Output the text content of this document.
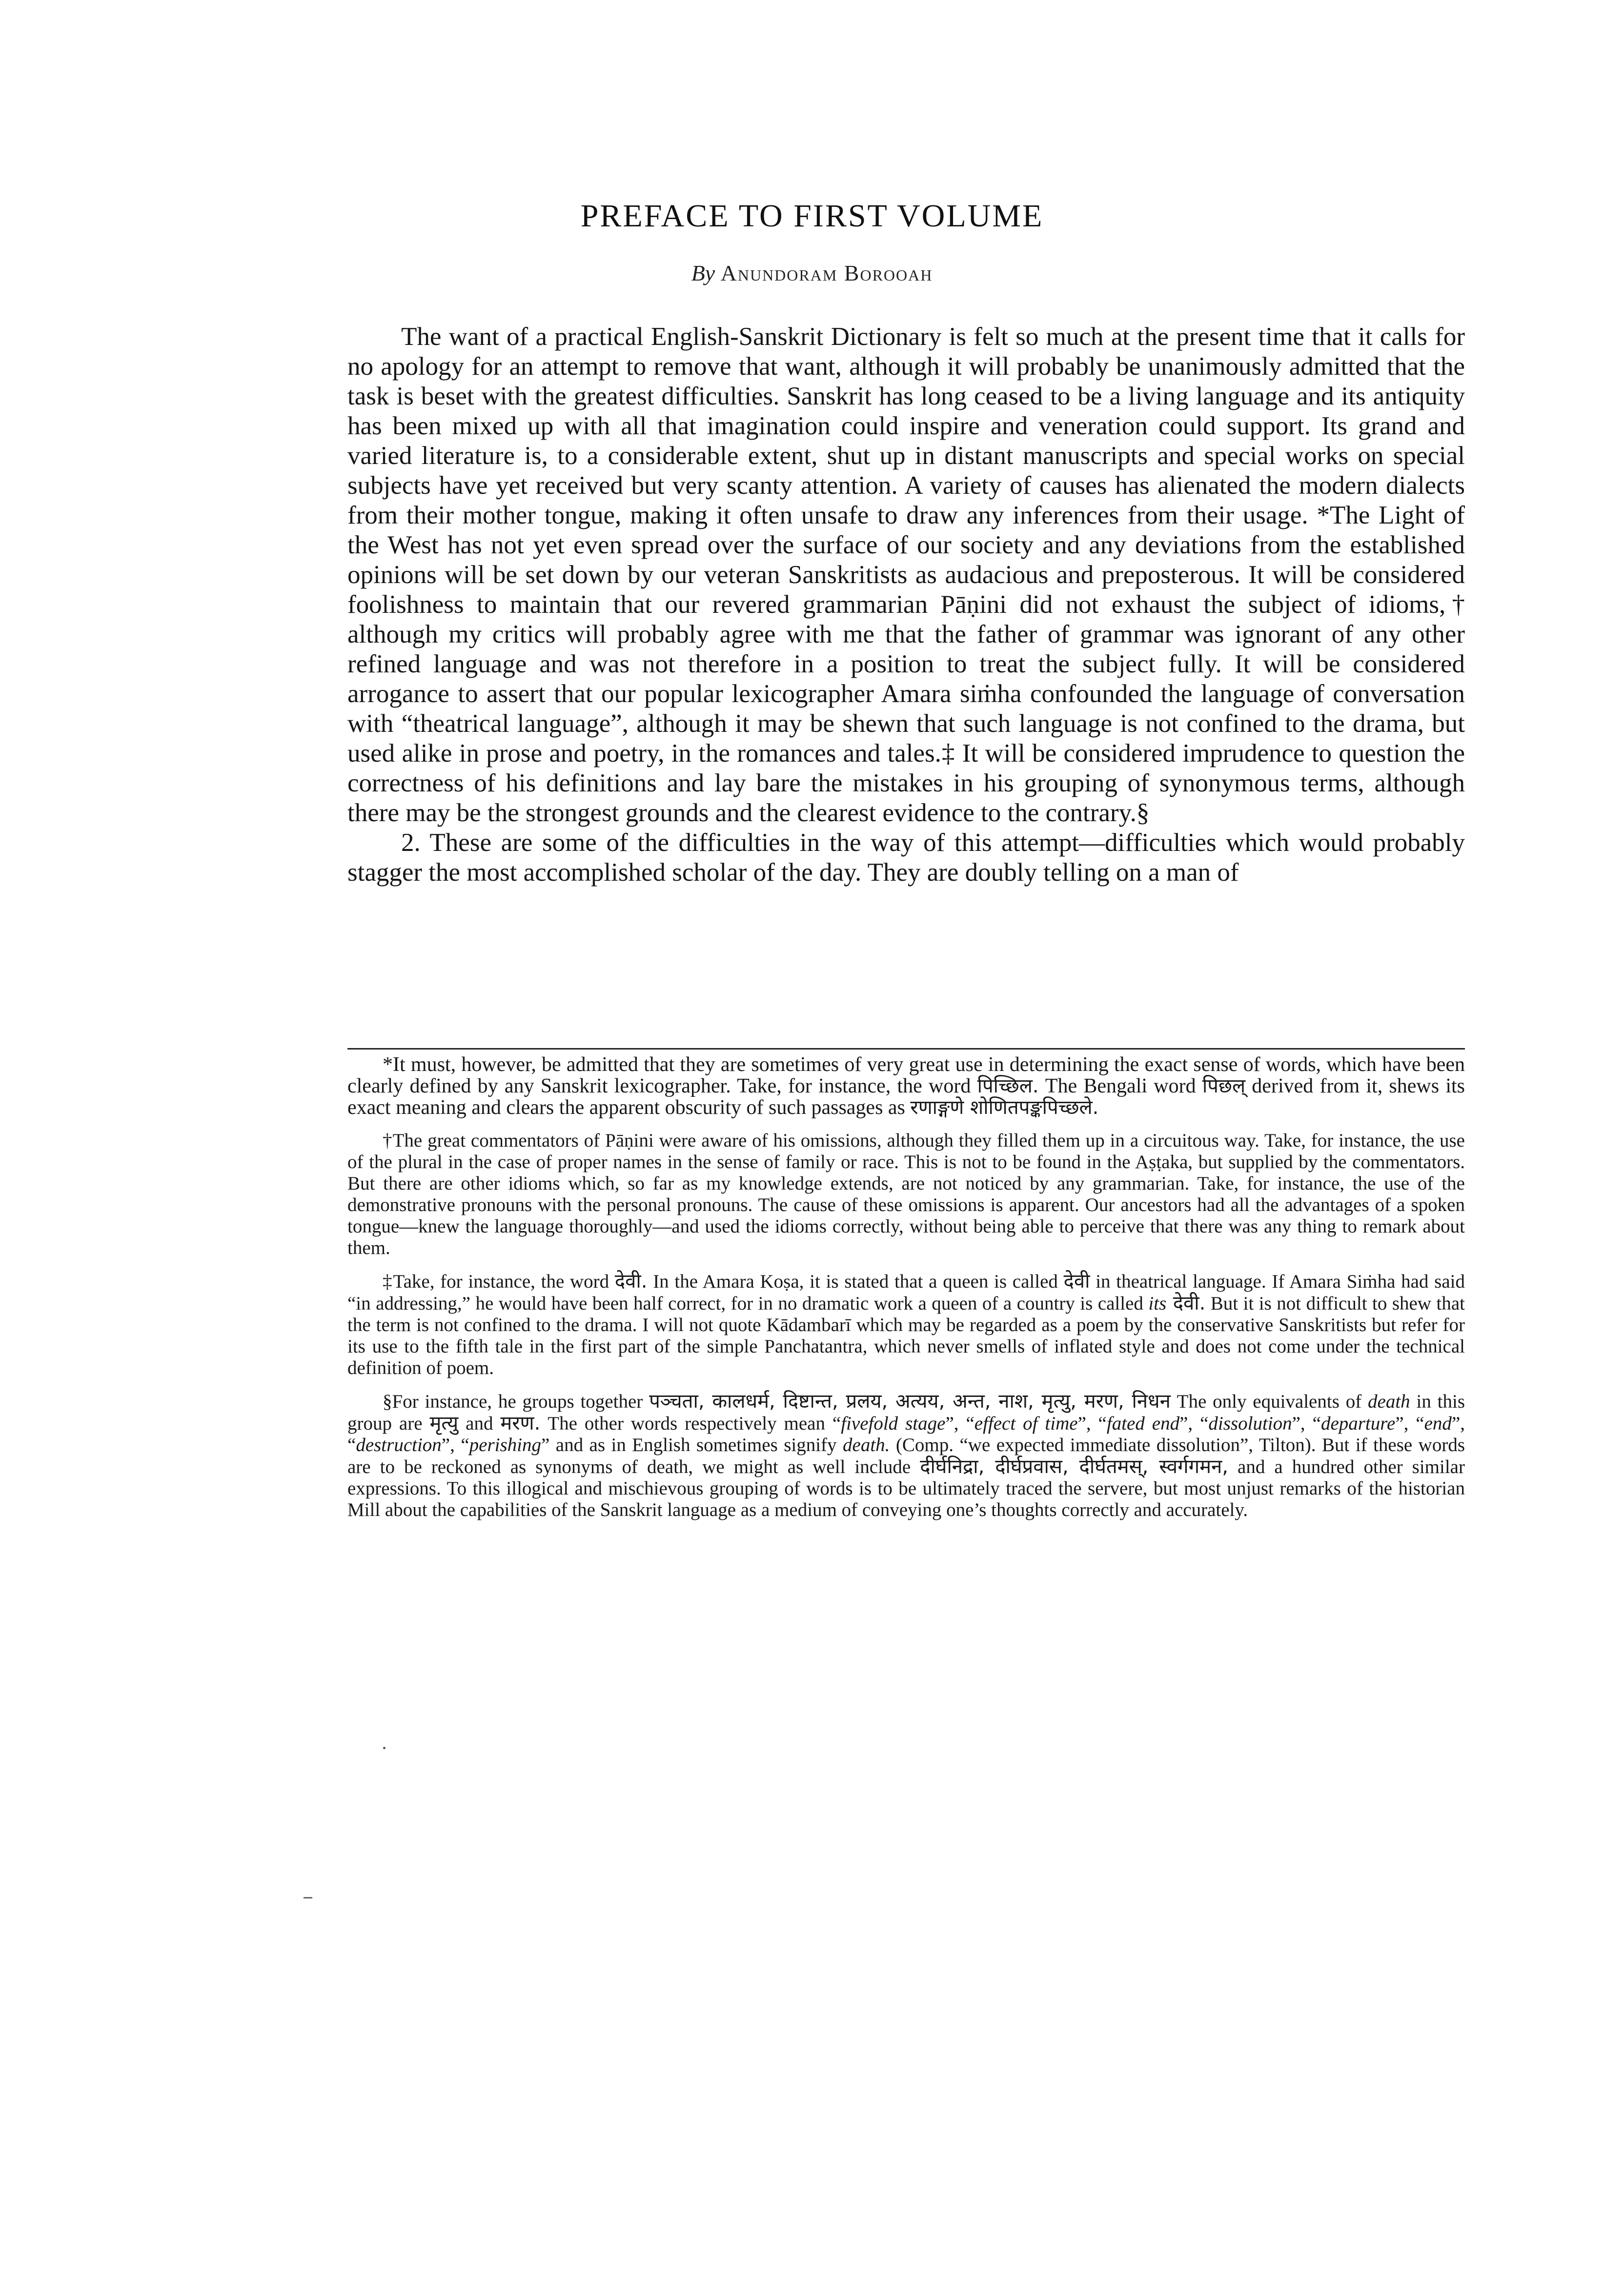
PREFACE TO FIRST VOLUME
By Anundoram Borooah

The want of a practical English-Sanskrit Dictionary is felt so much at the present time that it calls for no apology for an attempt to remove that want, although it will probably be unanimously admitted that the task is beset with the greatest difficulties. Sanskrit has long ceased to be a living language and its antiquity has been mixed up with all that imagination could inspire and veneration could support. Its grand and varied literature is, to a considerable extent, shut up in distant manuscripts and special works on special subjects have yet received but very scanty attention. A variety of causes has alienated the modern dialects from their mother tongue, making it often unsafe to draw any inferences from their usage. *The Light of the West has not yet even spread over the surface of our society and any deviations from the established opinions will be set down by our veteran Sanskritists as audacious and preposterous. It will be considered foolishness to maintain that our revered grammarian Pāṇini did not exhaust the subject of idioms,† although my critics will probably agree with me that the father of grammar was ignorant of any other refined language and was not therefore in a position to treat the subject fully. It will be considered arrogance to assert that our popular lexicographer Amara siṁha confounded the language of conversation with “theatrical language”, although it may be shewn that such language is not confined to the drama, but used alike in prose and poetry, in the romances and tales.‡ It will be considered imprudence to question the correctness of his definitions and lay bare the mistakes in his grouping of synonymous terms, although there may be the strongest grounds and the clearest evidence to the contrary.§

2. These are some of the difficulties in the way of this attempt—difficulties which would probably stagger the most accomplished scholar of the day. They are doubly telling on a man of

*It must, however, be admitted that they are sometimes of very great use in determining the exact sense of words, which have been clearly defined by any Sanskrit lexicographer. Take, for instance, the word पिच्छिल. The Bengali word पिछल् derived from it, shews its exact meaning and clears the apparent obscurity of such passages as रणाङ्गणे शोणितपङ्कपिच्छले.

†The great commentators of Pāṇini were aware of his omissions, although they filled them up in a circuitous way. Take, for instance, the use of the plural in the case of proper names in the sense of family or race. This is not to be found in the Aṣṭaka, but supplied by the commentators. But there are other idioms which, so far as my knowledge extends, are not noticed by any grammarian. Take, for instance, the use of the demonstrative pronouns with the personal pronouns. The cause of these omissions is apparent. Our ancestors had all the advantages of a spoken tongue—knew the language thoroughly—and used the idioms correctly, without being able to perceive that there was any thing to remark about them.

‡Take, for instance, the word देवी. In the Amara Koṣa, it is stated that a queen is called देवी in theatrical language. If Amara Siṁha had said “in addressing,” he would have been half correct, for in no dramatic work a queen of a country is called its देवी. But it is not difficult to shew that the term is not confined to the drama. I will not quote Kādambarī which may be regarded as a poem by the conservative Sanskritists but refer for its use to the fifth tale in the first part of the simple Panchatantra, which never smells of inflated style and does not come under the technical definition of poem.

§For instance, he groups together पञ्चता, कालधर्म, दिष्टान्त, प्रलय, अत्यय, अन्त, नाश, मृत्यु, मरण, निधन The only equivalents of death in this group are मृत्यु and मरण. The other words respectively mean “fivefold stage”, “effect of time”, “fated end”, “dissolution”, “departure”, “end”, “destruction”, “perishing” and as in English sometimes signify death. (Comp. “we expected immediate dissolution”, Tilton). But if these words are to be reckoned as synonyms of death, we might as well include दीर्घनिद्रा, दीर्घप्रवास, दीर्घतमस्, स्वर्गगमन, and a hundred other similar expressions. To this illogical and mischievous grouping of words is to be ultimately traced the servere, but most unjust remarks of the historian Mill about the capabilities of the Sanskrit language as a medium of conveying one’s thoughts correctly and accurately.
